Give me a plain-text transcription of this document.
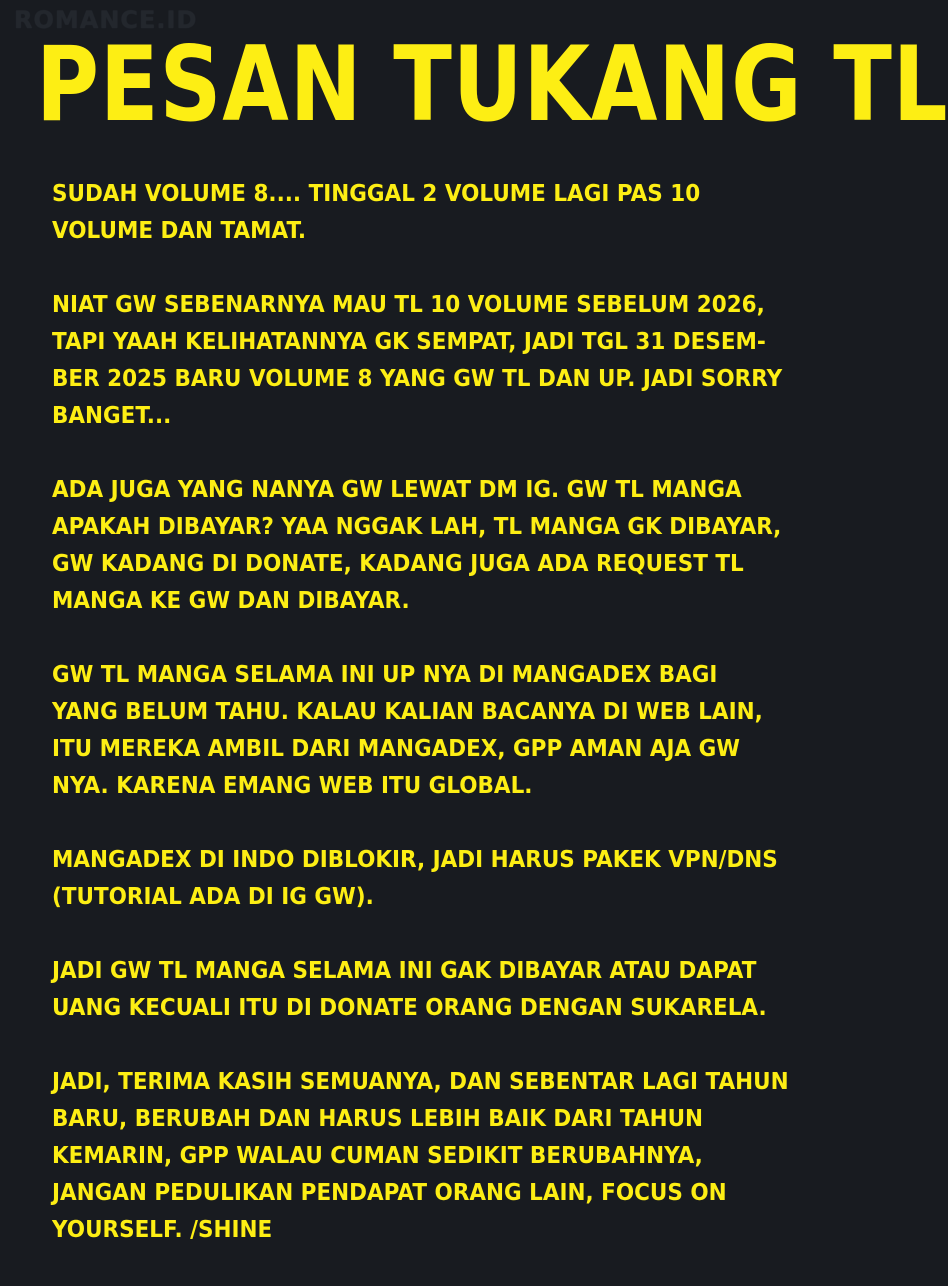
ROMANCE.ID
PESAN TUKANG TL

SUDAH VOLUME 8.... TINGGAL 2 VOLUME LAGI PAS 10
VOLUME DAN TAMAT.

NIAT GW SEBENARNYA MAU TL 10 VOLUME SEBELUM 2026,
TAPI YAAH KELIHATANNYA GK SEMPAT, JADI TGL 31 DESEM-
BER 2025 BARU VOLUME 8 YANG GW TL DAN UP. JADI SORRY
BANGET...

ADA JUGA YANG NANYA GW LEWAT DM IG. GW TL MANGA
APAKAH DIBAYAR? YAA NGGAK LAH, TL MANGA GK DIBAYAR,
GW KADANG DI DONATE, KADANG JUGA ADA REQUEST TL
MANGA KE GW DAN DIBAYAR.

GW TL MANGA SELAMA INI UP NYA DI MANGADEX BAGI
YANG BELUM TAHU. KALAU KALIAN BACANYA DI WEB LAIN,
ITU MEREKA AMBIL DARI MANGADEX, GPP AMAN AJA GW
NYA. KARENA EMANG WEB ITU GLOBAL.

MANGADEX DI INDO DIBLOKIR, JADI HARUS PAKEK VPN/DNS
(TUTORIAL ADA DI IG GW).

JADI GW TL MANGA SELAMA INI GAK DIBAYAR ATAU DAPAT
UANG KECUALI ITU DI DONATE ORANG DENGAN SUKARELA.

JADI, TERIMA KASIH SEMUANYA, DAN SEBENTAR LAGI TAHUN
BARU, BERUBAH DAN HARUS LEBIH BAIK DARI TAHUN
KEMARIN, GPP WALAU CUMAN SEDIKIT BERUBAHNYA,
JANGAN PEDULIKAN PENDAPAT ORANG LAIN, FOCUS ON
YOURSELF. /SHINE
